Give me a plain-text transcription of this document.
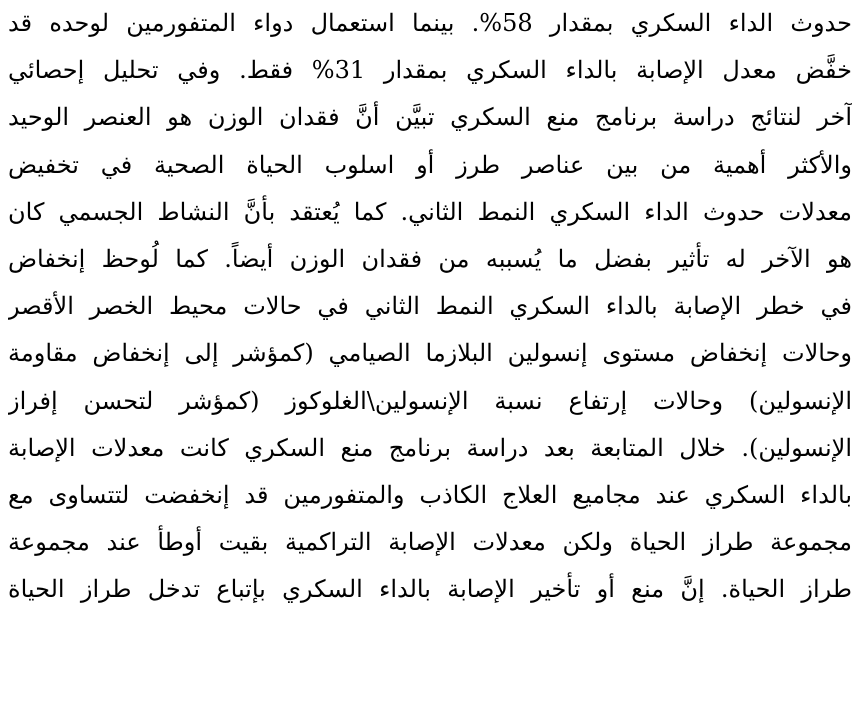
حدوث الداء السكري بمقدار 58%. بينما استعمال دواء المتفورمين لوحده قد
خفَّض معدل الإصابة بالداء السكري بمقدار 31% فقط. وفي تحليل إحصائي
آخر لنتائج دراسة برنامج منع السكري تبيَّن أنَّ فقدان الوزن هو العنصر الوحيد
والأكثر أهمية من بين عناصر طرز أو اسلوب الحياة الصحية في تخفيض
معدلات حدوث الداء السكري النمط الثاني. كما يُعتقد بأنَّ النشاط الجسمي كان
هو الآخر له تأثير بفضل ما يُسببه من فقدان الوزن أيضاً. كما لُوحظ إنخفاض
في خطر الإصابة بالداء السكري النمط الثاني في حالات محيط الخصر الأقصر
وحالات إنخفاض مستوى إنسولين البلازما الصيامي (كمؤشر إلى إنخفاض مقاومة
الإنسولين) وحالات إرتفاع نسبة الإنسولين\الغلوكوز (كمؤشر لتحسن إفراز
الإنسولين). خلال المتابعة بعد دراسة برنامج منع السكري كانت معدلات الإصابة
بالداء السكري عند مجاميع العلاج الكاذب والمتفورمين قد إنخفضت لتتساوى مع
مجموعة طراز الحياة ولكن معدلات الإصابة التراكمية بقيت أوطأ عند مجموعة
طراز الحياة. إنَّ منع أو تأخير الإصابة بالداء السكري بإتباع تدخل طراز الحياة
